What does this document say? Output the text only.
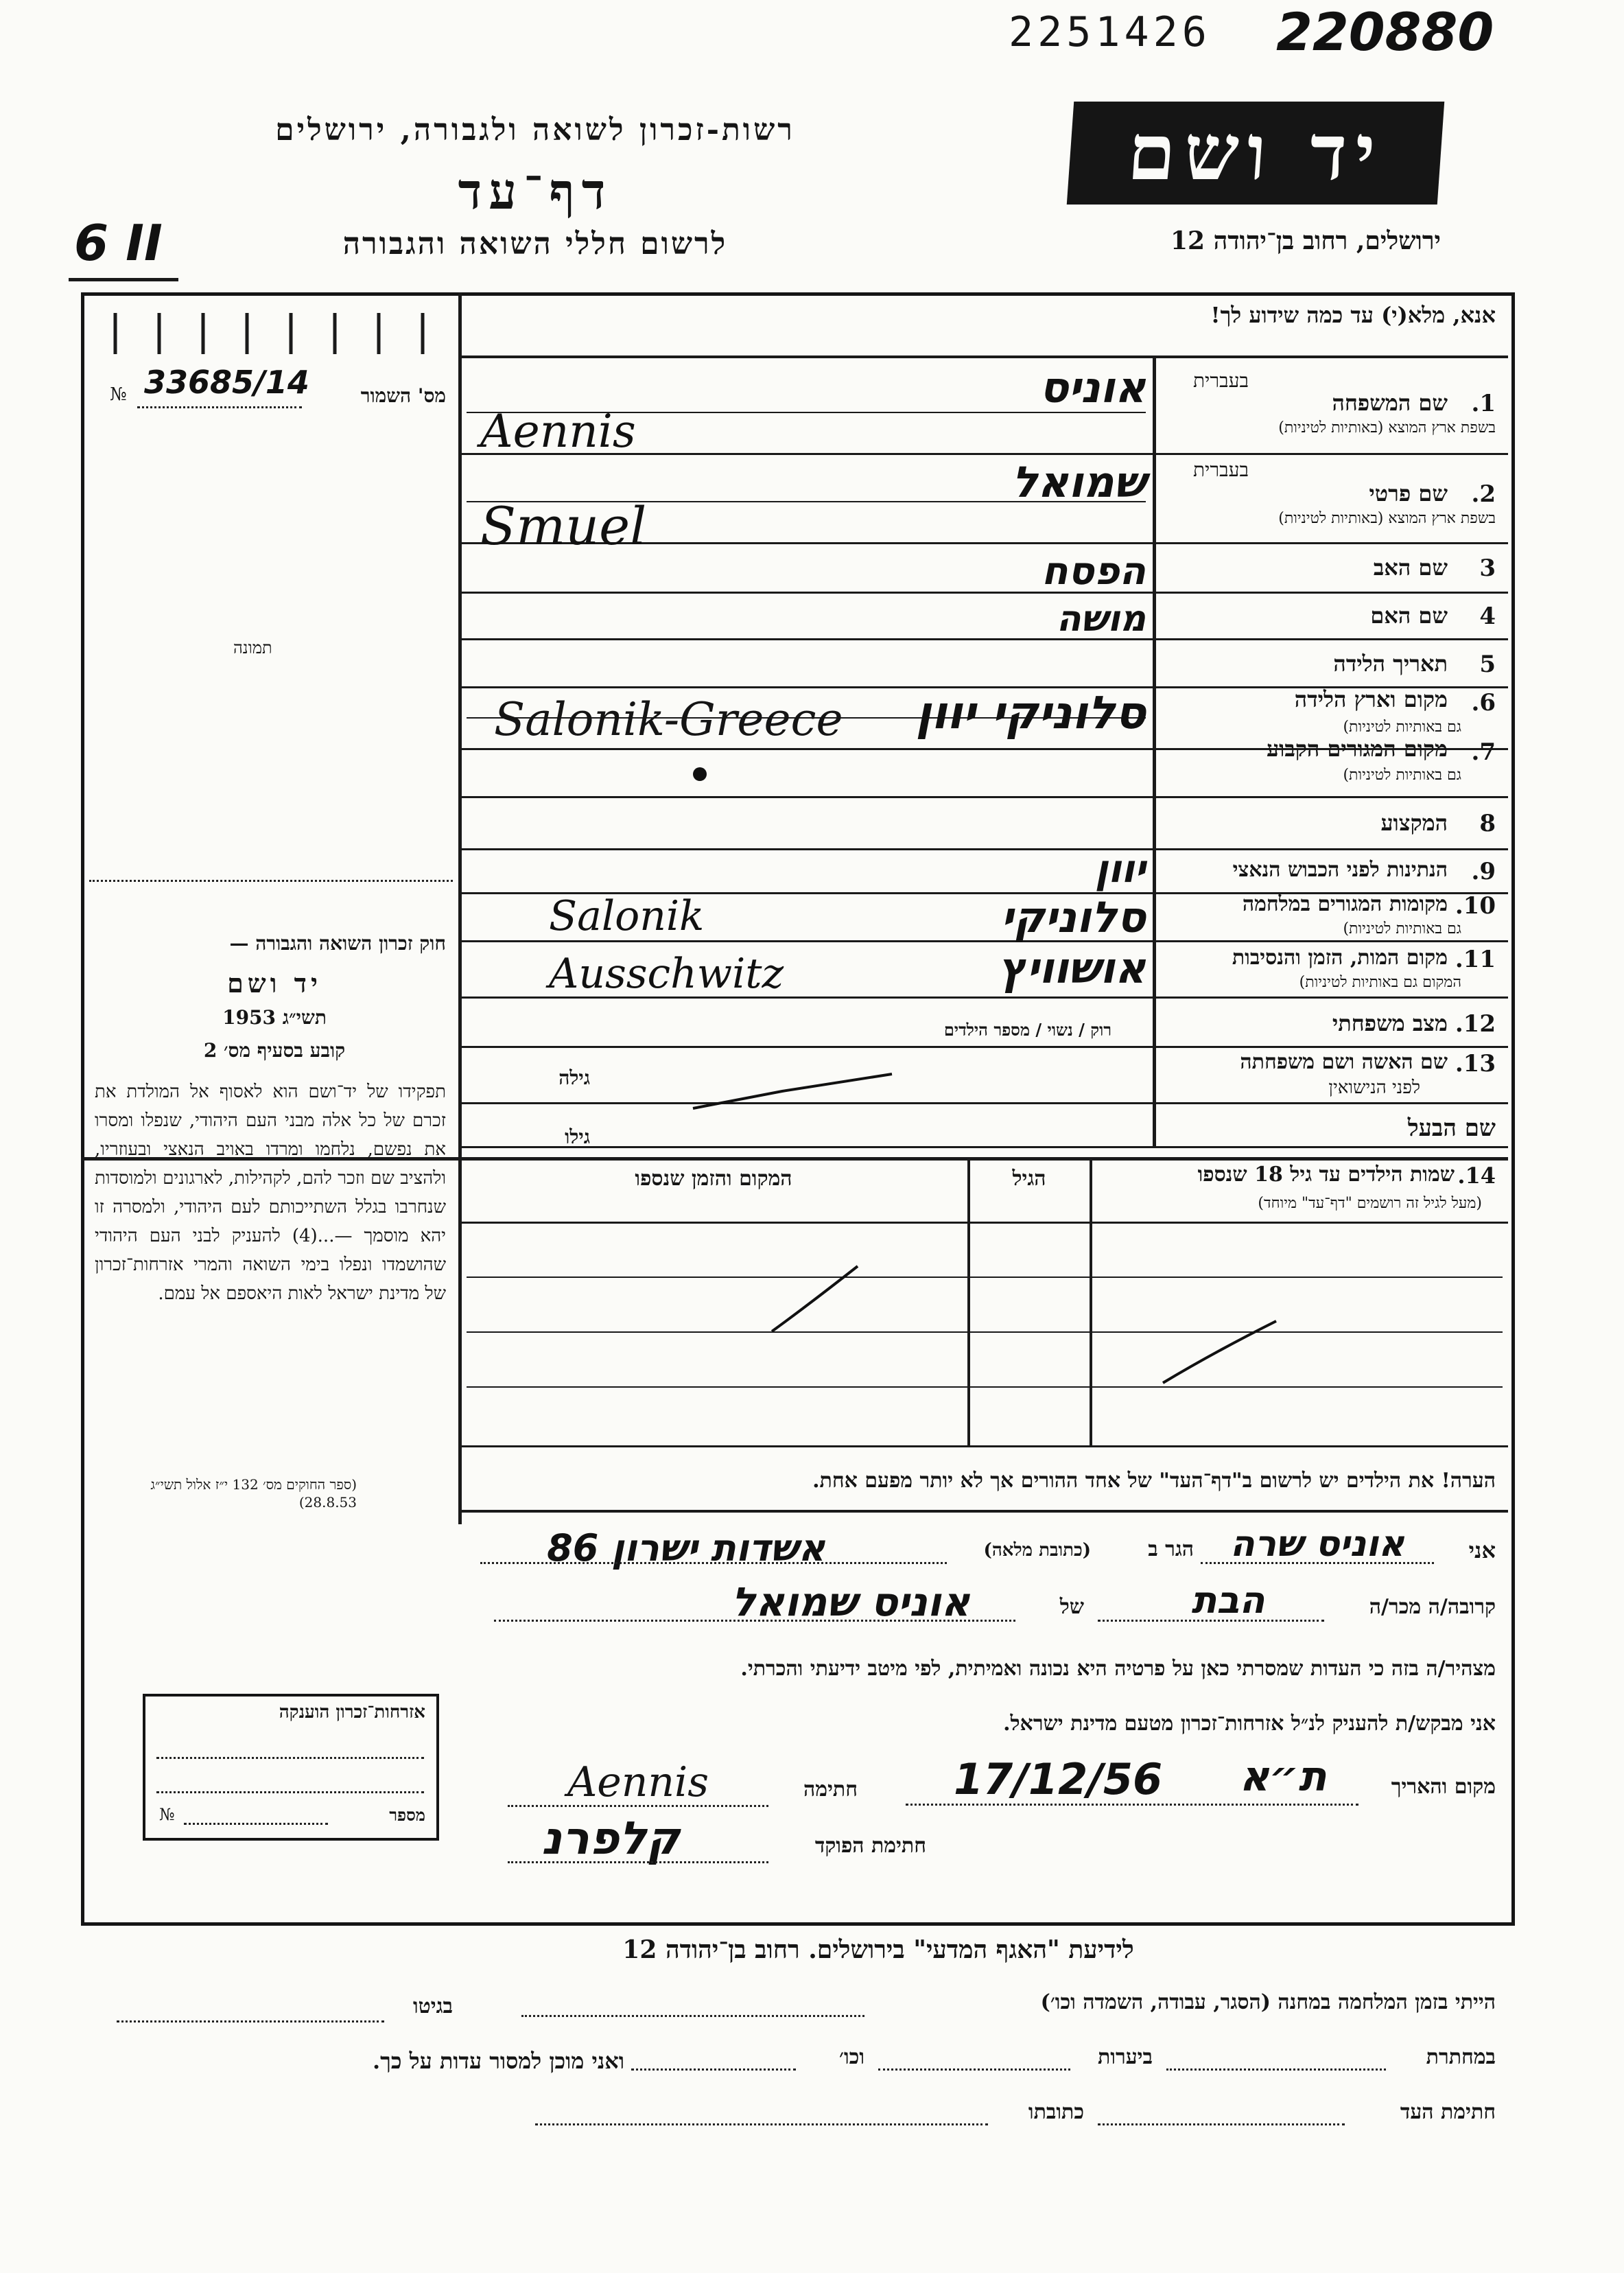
2251426 220880
רשות-זכרון לשואה ולגבורה, ירושלים
דף־עד
לרשום חללי השואה והגבורה
6 II
יד ושם
ירושלים, רחוב בן־יהודה 12
אנא, מלא(י) עד כמה שידוע לך!
№ 33685/14	מס' השמור
תמונה
בעברית
1.
שם המשפחה
בשפת ארץ המוצא (באותיות לטיניות)
אוניס
Aennis
בעברית
2.
שם פרטי
בשפת ארץ המוצא (באותיות לטיניות)
שמואל
Smuel
3
שם האב
הפסח
4
שם האם
מושה
5
תאריך הלידה
6.
מקום וארץ הלידה
גם באותיות לטיניות)
סלוניקי יוון
Salonik-Greece
7.
מקום המגורים הקבוע
גם באותיות לטיניות)
8
המקצוע
9.
הנתינות לפני הכבוש הנאצי
יוון
10.
מקומות המגורים במלחמה
גם באותיות לטיניות)
סלוניקי
Salonik
11.
מקום המות, הזמן והנסיבות
המקום גם באותיות לטיניות)
אושוויץ
Ausschwitz
12.
מצב משפחתי
רוק / נשוי / מספר הילדים
13.
שם האשה ושם משפחתה
לפני הנישואין
גילה
שם הבעל
גילו
14.
שמות הילדים עד גיל 18 שנספו
(מעל לגיל זה רושמים "דף־עד" מיוחד)
הגיל
המקום והזמן שנספו
הערה! את הילדים יש לרשום ב"דף־העד" של אחד ההורים אך לא יותר מפעם אחת.
חוק זכרון השואה והגבורה —
יד ושם
תשי״ג 1953
קובע בסעיף מס׳ 2
תפקידו של יד־ושם הוא לאסוף אל המולדת את זכרם של כל אלה מבני העם היהודי, שנפלו ומסרו את נפשם, נלחמו ומרדו באויב הנאצי ובעוזריו, ולהציב שם וזכר להם, לקהילות, לארגונים ולמוסדות שנחרבו בגלל השתייכותם לעם היהודי, ולמסרה זו יהא מוסמך —...(4) להעניק לבני העם היהודי שהושמדו ונפלו בימי השואה והמרי אזרחות־זכרון של מדינת ישראל לאות היאספם אל עמם.
(ספר החוקים מס׳ 132 י״ז אלול תשי״ג 28.8.53)
אני
אוניס שרה
הגר ב
(כתובת מלאה)
אשדות ישרון 86
קרובה/ה מכר/ה
הבת
של
אוניס שמואל
מצהיר/ה בזה כי העדות שמסרתי כאן על פרטיה היא נכונה ואמיתית, לפי מיטב ידיעתי והכרתי.
אני מבקש/ת להעניק לנ״ל אזרחות־זכרון מטעם מדינת ישראל.
מקום והאריך
ת״א
17/12/56
חתימה
Aennis
חתימת הפוקד
קלפרנ
אזרחות־זכרון הוענקה
№	מספר
לידיעת "האגף המדעי" בירושלים. רחוב בן־יהודה 12
הייתי בזמן המלחמה במחנה (הסגר, עבודה, השמדה וכו׳)
בגיטו
במחתרת
ביערות
וכו׳
ואני מוכן למסור עדות על כך.
חתימת העד
כתובתו
